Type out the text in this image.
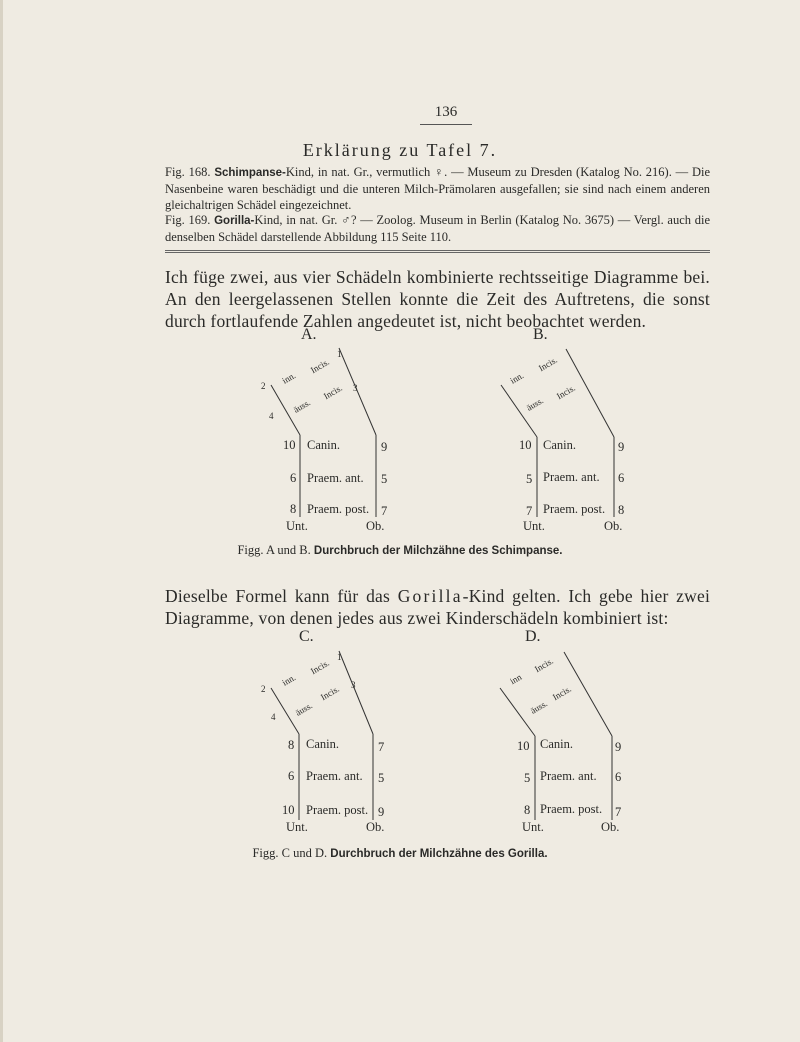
136
Erklärung zu Tafel 7.
Fig. 168. Schimpanse-Kind, in nat. Gr., vermutlich ♀. — Museum zu Dresden (Katalog No. 216). — Die Nasenbeine waren beschädigt und die unteren Milch-Prämolaren ausgefallen; sie sind nach einem anderen gleichaltrigen Schädel eingezeichnet.
Fig. 169. Gorilla-Kind, in nat. Gr. ♂? — Zoolog. Museum in Berlin (Katalog No. 3675) — Vergl. auch die denselben Schädel darstellende Abbildung 115 Seite 110.
Ich füge zwei, aus vier Schädeln kombinierte rechtsseitige Diagramme bei. An den leergelassenen Stellen konnte die Zeit des Auftretens, die sonst durch fortlaufende Zahlen angedeutet ist, nicht beobachtet werden.
A.
1
2	3
4
inn.
Incis.
äuss.
Incis.
10 Canin.	9
6 Praem. ant. 5
8 Praem. post. 7
Unt.	Ob.
B.
inn.
Incis.
äuss.
Incis.
10 Canin.	9
5 Praem. ant. 6
7 Praem. post. 8
Unt.	Ob.
Figg. A und B. Durchbruch der Milchzähne des Schimpanse.
Dieselbe Formel kann für das Gorilla-Kind gelten. Ich gebe hier zwei Diagramme, von denen jedes aus zwei Kinderschädeln kombiniert ist:
C.
1
2	3
4
inn.
Incis.
äuss.
Incis.
8 Canin.	7
6 Praem. ant. 5
10 Praem. post. 9
Unt.	Ob.
D.
inn
Incis.
äuss.
Incis.
10 Canin.	9
5 Praem. ant. 6
8 Praem. post. 7
Unt.	Ob.
Figg. C und D. Durchbruch der Milchzähne des Gorilla.
